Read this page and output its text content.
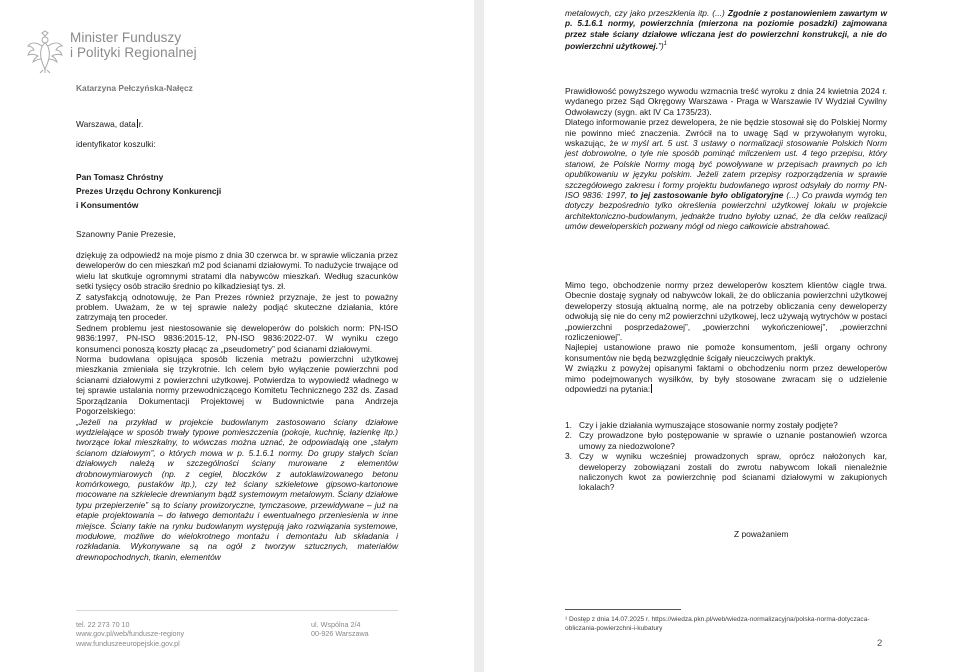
Minister Funduszy
i Polityki Regionalnej
Katarzyna Pełczyńska-Nałęcz
Warszawa, data r.
identyfikator koszulki:
Pan Tomasz Chróstny
Prezes Urzędu Ochrony Konkurencji
i Konsumentów
Szanowny Panie Prezesie,

dziękuję za odpowiedź na moje pismo z dnia 30 czerwca br. w sprawie wliczania przez deweloperów do cen mieszkań m2 pod ścianami działowymi. To nadużycie trwające od wielu lat skutkuje ogromnymi stratami dla nabywców mieszkań. Według szacunków setki tysięcy osób straciło średnio po kilkadziesiąt tys. zł.

Z satysfakcją odnotowuję, że Pan Prezes również przyznaje, że jest to poważny problem. Uważam, że w tej sprawie należy podjąć skuteczne działania, które zatrzymają ten proceder.

Sednem problemu jest niestosowanie się deweloperów do polskich norm: PN-ISO 9836:1997, PN-ISO 9836:2015-12, PN-ISO 9836:2022-07. W wyniku czego konsumenci ponoszą koszty płacąc za „pseudometry” pod ścianami działowymi.

Norma budowlana opisująca sposób liczenia metrażu powierzchni użytkowej mieszkania zmieniała się trzykrotnie. Ich celem było wyłączenie powierzchni pod ścianami działowymi z powierzchni użytkowej. Potwierdza to wypowiedź władnego w tej sprawie ustalania normy przewodniczącego Komitetu Technicznego 232 ds. Zasad Sporządzania Dokumentacji Projektowej w Budownictwie pana Andrzeja Pogorzelskiego:

„Jeżeli na przykład w projekcie budowlanym zastosowano ściany działowe wydzielające w sposób trwały typowe pomieszczenia (pokoje, kuchnię, łazienkę itp.) tworzące lokal mieszkalny, to wówczas można uznać, że odpowiadają one „stałym ścianom działowym”, o których mowa w p. 5.1.6.1 normy. Do grupy stałych ścian działowych należą w szczególności ściany murowane z elementów drobnowymiarowych (np. z cegieł, bloczków z autoklawizowanego betonu komórkowego, pustaków itp.), czy też ściany szkieletowe gipsowo-kartonowe mocowane na szkielecie drewnianym bądź systemowym metalowym. Ściany działowe typu przepierzenie” są to ściany prowizoryczne, tymczasowe, przewidywane – już na etapie projektowania – do łatwego demontażu i ewentualnego przeniesienia w inne miejsce. Ściany takie na rynku budowlanym występują jako rozwiązania systemowe, modułowe, możliwe do wielokrotnego montażu i demontażu lub składania i rozkładania. Wykonywane są na ogół z tworzyw sztucznych, materiałów drewnopochodnych, tkanin, elementów

tel. 22 273 70 10
www.gov.pl/web/fundusze-regiony
www.funduszeeuropejskie.gov.pl
ul. Wspólna 2/4
00-926 Warszawa
metalowych, czy jako przeszklenia itp. (...) Zgodnie z postanowieniem zawartym w p. 5.1.6.1 normy, powierzchnia (mierzona na poziomie posadzki) zajmowana przez stałe ściany działowe wliczana jest do powierzchni konstrukcji, a nie do powierzchni użytkowej.”)$^1$

Prawidłowość powyższego wywodu wzmacnia treść wyroku z dnia 24 kwietnia 2024 r. wydanego przez Sąd Okręgowy Warszawa - Praga w Warszawie IV Wydział Cywilny Odwoławczy (sygn. akt IV Ca 1735/23).

Dlatego informowanie przez dewelopera, że nie będzie stosował się do Polskiej Normy nie powinno mieć znaczenia. Zwrócił na to uwagę Sąd w przywołanym wyroku, wskazując, że w myśl art. 5 ust. 3 ustawy o normalizacji stosowanie Polskich Norm jest dobrowolne, o tyle nie sposób pominąć milczeniem ust. 4 tego przepisu, który stanowi, że Polskie Normy mogą być powoływane w przepisach prawnych po ich opublikowaniu w języku polskim. Jeżeli zatem przepisy rozporządzenia w sprawie szczegółowego zakresu i formy projektu budowlanego wprost odsyłały do normy PN-ISO 9836: 1997, to jej zastosowanie było obligatoryjne (...) Co prawda wymóg ten dotyczy bezpośrednio tylko określenia powierzchni użytkowej lokalu w projekcie architektoniczno-budowlanym, jednakże trudno byłoby uznać, że dla celów realizacji umów deweloperskich pozwany mógł od niego całkowicie abstrahować.

Mimo tego, obchodzenie normy przez deweloperów kosztem klientów ciągle trwa. Obecnie dostaję sygnały od nabywców lokali, że do obliczania powierzchni użytkowej deweloperzy stosują aktualną normę, ale na potrzeby obliczania ceny deweloperzy odwołują się nie do ceny m2 powierzchni użytkowej, lecz używają wytrychów w postaci „powierzchni posprzedażowej”, „powierzchni wykończeniowej”, „powierzchni rozliczeniowej”.

Najlepiej ustanowione prawo nie pomoże konsumentom, jeśli organy ochrony konsumentów nie będą bezwzględnie ścigały nieuczciwych praktyk.

W związku z powyżej opisanymi faktami o obchodzeniu norm przez deweloperów mimo podejmowanych wysiłków, by były stosowane zwracam się o udzielenie odpowiedzi na pytania:

1. Czy i jakie działania wymuszające stosowanie normy zostały podjęte?
2. Czy prowadzone było postępowanie w sprawie o uznanie postanowień wzorca umowy za niedozwolone?
3. Czy w wyniku wcześniej prowadzonych spraw, oprócz nałożonych kar, deweloperzy zobowiązani zostali do zwrotu nabywcom lokali nienależnie naliczonych kwot za powierzchnię pod ścianami działowymi w zakupionych lokalach?
Z poważaniem
¹ Dostęp z dnia 14.07.2025 r. https://wiedza.pkn.pl/web/wiedza-normalizacyjna/polska-norma-dotyczaca-obliczania-powierzchni-i-kubatury
2
